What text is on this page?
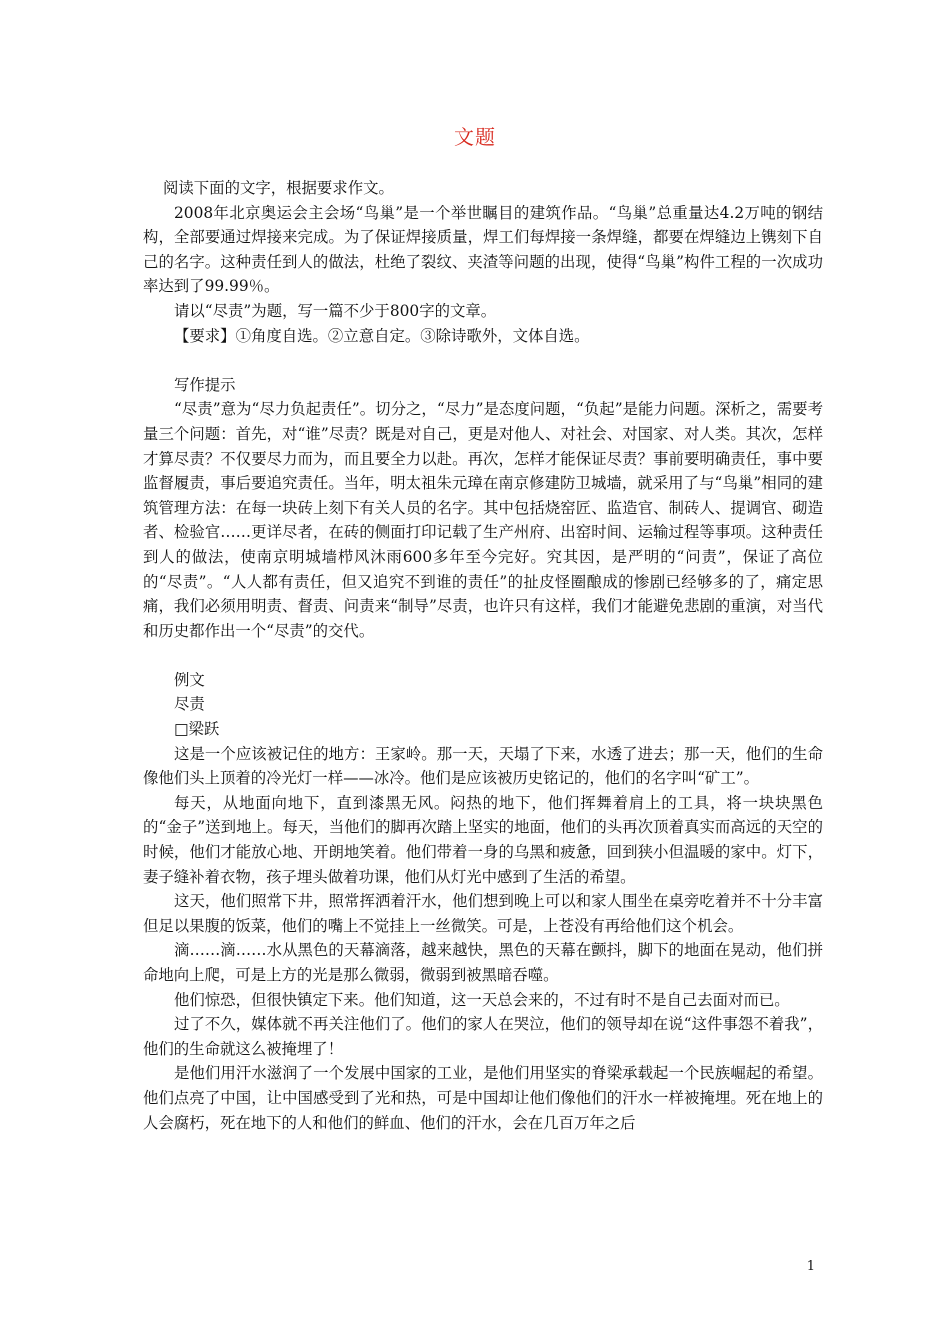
文题

阅读下面的文字，根据要求作文。

2008年北京奥运会主会场“鸟巢”是一个举世瞩目的建筑作品。“鸟巢”总重量达4.2万吨的钢结构，全部要通过焊接来完成。为了保证焊接质量，焊工们每焊接一条焊缝，都要在焊缝边上镌刻下自己的名字。这种责任到人的做法，杜绝了裂纹、夹渣等问题的出现，使得“鸟巢”构件工程的一次成功率达到了99.99％。

请以“尽责”为题，写一篇不少于800字的文章。

【要求】①角度自选。②立意自定。③除诗歌外，文体自选。

写作提示

“尽责”意为“尽力负起责任”。切分之，“尽力”是态度问题，“负起”是能力问题。深析之，需要考量三个问题：首先，对“谁”尽责？既是对自己，更是对他人、对社会、对国家、对人类。其次，怎样才算尽责？不仅要尽力而为，而且要全力以赴。再次，怎样才能保证尽责？事前要明确责任，事中要监督履责，事后要追究责任。当年，明太祖朱元璋在南京修建防卫城墙，就采用了与“鸟巢”相同的建筑管理方法：在每一块砖上刻下有关人员的名字。其中包括烧窑匠、监造官、制砖人、提调官、砌造者、检验官……更详尽者，在砖的侧面打印记载了生产州府、出窑时间、运输过程等事项。这种责任到人的做法，使南京明城墙栉风沐雨600多年至今完好。究其因，是严明的“问责”，保证了高位的“尽责”。“人人都有责任，但又追究不到谁的责任”的扯皮怪圈酿成的惨剧已经够多的了，痛定思痛，我们必须用明责、督责、问责来“制导”尽责，也许只有这样，我们才能避免悲剧的重演，对当代和历史都作出一个“尽责”的交代。

例文

尽责

□梁跃

这是一个应该被记住的地方：王家岭。那一天，天塌了下来，水透了进去；那一天，他们的生命像他们头上顶着的冷光灯一样——冰冷。他们是应该被历史铭记的，他们的名字叫“矿工”。

每天，从地面向地下，直到漆黑无风。闷热的地下，他们挥舞着肩上的工具，将一块块黑色的“金子”送到地上。每天，当他们的脚再次踏上坚实的地面，他们的头再次顶着真实而高远的天空的时候，他们才能放心地、开朗地笑着。他们带着一身的乌黑和疲惫，回到狭小但温暖的家中。灯下，妻子缝补着衣物，孩子埋头做着功课，他们从灯光中感到了生活的希望。

这天，他们照常下井，照常挥洒着汗水，他们想到晚上可以和家人围坐在桌旁吃着并不十分丰富但足以果腹的饭菜，他们的嘴上不觉挂上一丝微笑。可是，上苍没有再给他们这个机会。

滴……滴……水从黑色的天幕滴落，越来越快，黑色的天幕在颤抖，脚下的地面在晃动，他们拼命地向上爬，可是上方的光是那么微弱，微弱到被黑暗吞噬。

他们惊恐，但很快镇定下来。他们知道，这一天总会来的，不过有时不是自己去面对而已。

过了不久，媒体就不再关注他们了。他们的家人在哭泣，他们的领导却在说“这件事怨不着我”，他们的生命就这么被掩埋了！

是他们用汗水滋润了一个发展中国家的工业，是他们用坚实的脊梁承载起一个民族崛起的希望。他们点亮了中国，让中国感受到了光和热，可是中国却让他们像他们的汗水一样被掩埋。死在地上的人会腐朽，死在地下的人和他们的鲜血、他们的汗水，会在几百万年之后

1
